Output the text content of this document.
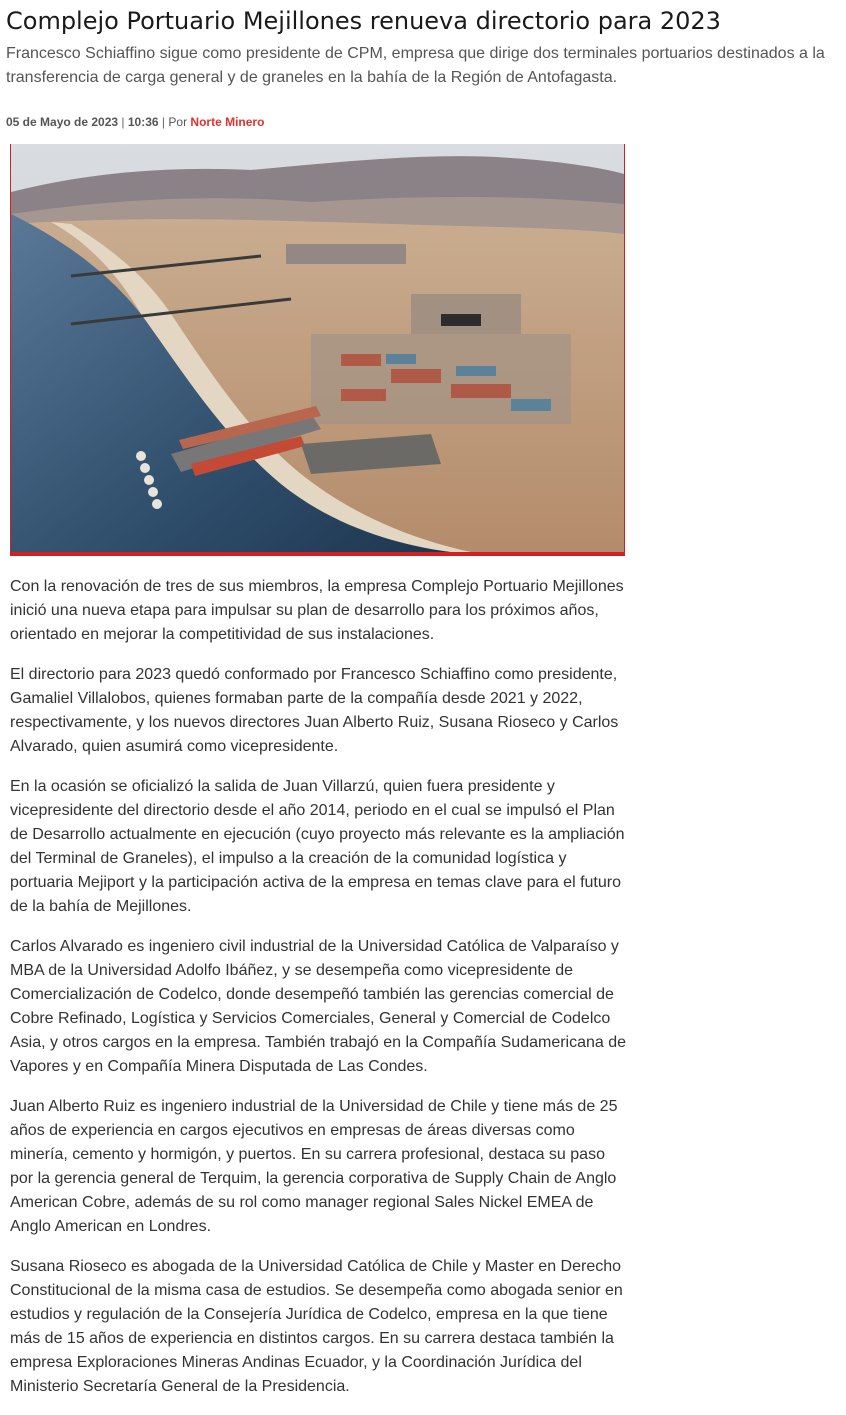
Complejo Portuario Mejillones renueva directorio para 2023

Francesco Schiaffino sigue como presidente de CPM, empresa que dirige dos terminales portuarios destinados a la transferencia de carga general y de graneles en la bahía de la Región de Antofagasta.

05 de Mayo de 2023 | 10:36 | Por Norte Minero

Con la renovación de tres de sus miembros, la empresa Complejo Portuario Mejillones inició una nueva etapa para impulsar su plan de desarrollo para los próximos años, orientado en mejorar la competitividad de sus instalaciones.

El directorio para 2023 quedó conformado por Francesco Schiaffino como presidente, Gamaliel Villalobos, quienes formaban parte de la compañía desde 2021 y 2022, respectivamente, y los nuevos directores Juan Alberto Ruiz, Susana Rioseco y Carlos Alvarado, quien asumirá como vicepresidente.

En la ocasión se oficializó la salida de Juan Villarzú, quien fuera presidente y vicepresidente del directorio desde el año 2014, periodo en el cual se impulsó el Plan de Desarrollo actualmente en ejecución (cuyo proyecto más relevante es la ampliación del Terminal de Graneles), el impulso a la creación de la comunidad logística y portuaria Mejiport y la participación activa de la empresa en temas clave para el futuro de la bahía de Mejillones.

Carlos Alvarado es ingeniero civil industrial de la Universidad Católica de Valparaíso y MBA de la Universidad Adolfo Ibáñez, y se desempeña como vicepresidente de Comercialización de Codelco, donde desempeñó también las gerencias comercial de Cobre Refinado, Logística y Servicios Comerciales, General y Comercial de Codelco Asia, y otros cargos en la empresa. También trabajó en la Compañía Sudamericana de Vapores y en Compañía Minera Disputada de Las Condes.

Juan Alberto Ruiz es ingeniero industrial de la Universidad de Chile y tiene más de 25 años de experiencia en cargos ejecutivos en empresas de áreas diversas como minería, cemento y hormigón, y puertos. En su carrera profesional, destaca su paso por la gerencia general de Terquim, la gerencia corporativa de Supply Chain de Anglo American Cobre, además de su rol como manager regional Sales Nickel EMEA de Anglo American en Londres.

Susana Rioseco es abogada de la Universidad Católica de Chile y Master en Derecho Constitucional de la misma casa de estudios. Se desempeña como abogada senior en estudios y regulación de la Consejería Jurídica de Codelco, empresa en la que tiene más de 15 años de experiencia en distintos cargos. En su carrera destaca también la empresa Exploraciones Mineras Andinas Ecuador, y la Coordinación Jurídica del Ministerio Secretaría General de la Presidencia.
